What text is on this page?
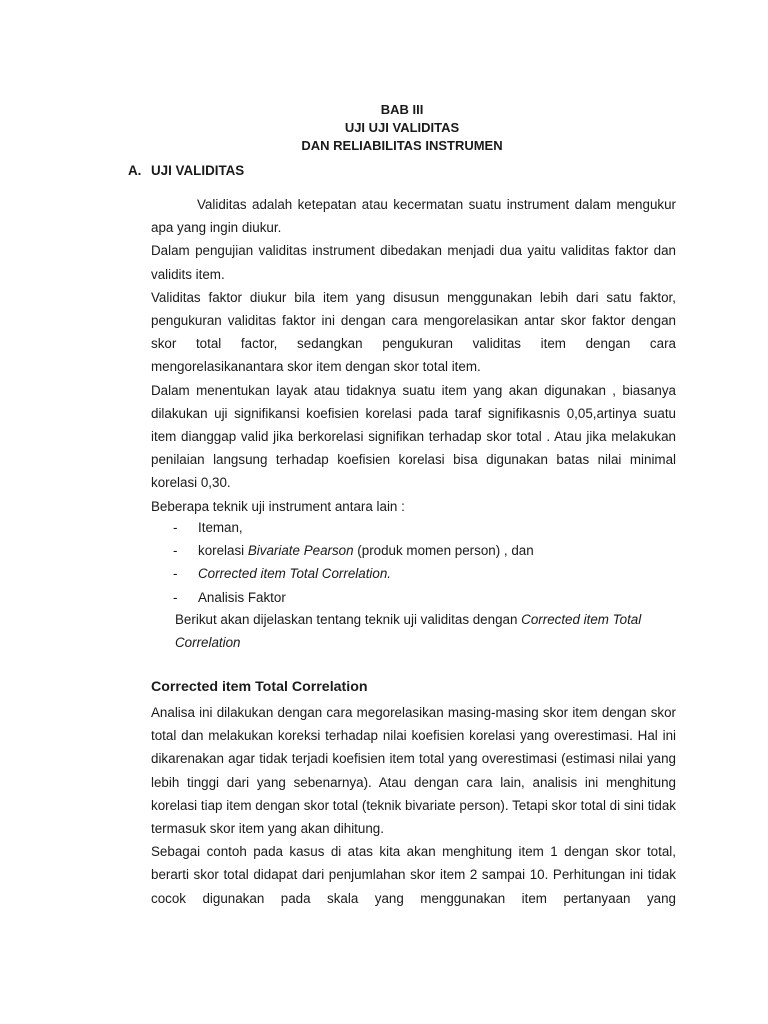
BAB III
UJI UJI VALIDITAS
DAN RELIABILITAS INSTRUMEN
A. UJI VALIDITAS

Validitas adalah ketepatan atau kecermatan suatu instrument dalam mengukur apa yang ingin diukur.

Dalam pengujian validitas instrument dibedakan menjadi dua yaitu validitas faktor dan validits item.

Validitas faktor diukur bila item yang disusun menggunakan lebih dari satu faktor, pengukuran validitas faktor ini dengan cara mengorelasikan antar skor faktor dengan skor total factor, sedangkan pengukuran validitas item dengan cara mengorelasikanantara skor item dengan skor total item.

Dalam menentukan layak atau tidaknya suatu item yang akan digunakan , biasanya dilakukan uji signifikansi koefisien korelasi pada taraf signifikasnis 0,05,artinya suatu item dianggap valid jika berkorelasi signifikan terhadap skor total . Atau jika melakukan penilaian langsung terhadap koefisien korelasi bisa digunakan batas nilai minimal korelasi 0,30.

Beberapa teknik uji instrument antara lain :

-	Iteman,
-	korelasi Bivariate Pearson (produk momen person) , dan
-	Corrected item Total Correlation.
-	Analisis Faktor
Berikut akan dijelaskan tentang teknik uji validitas dengan Corrected item Total Correlation
Corrected item Total Correlation

Analisa ini dilakukan dengan cara megorelasikan masing-masing skor item dengan skor total dan melakukan koreksi terhadap nilai koefisien korelasi yang overestimasi. Hal ini dikarenakan agar tidak terjadi koefisien item total yang overestimasi (estimasi nilai yang lebih tinggi dari yang sebenarnya). Atau dengan cara lain, analisis ini menghitung korelasi tiap item dengan skor total (teknik bivariate person). Tetapi skor total di sini tidak termasuk skor item yang akan dihitung.

Sebagai contoh pada kasus di atas kita akan menghitung item 1 dengan skor total, berarti skor total didapat dari penjumlahan skor item 2 sampai 10. Perhitungan ini tidak cocok digunakan pada skala yang menggunakan item pertanyaan yang
